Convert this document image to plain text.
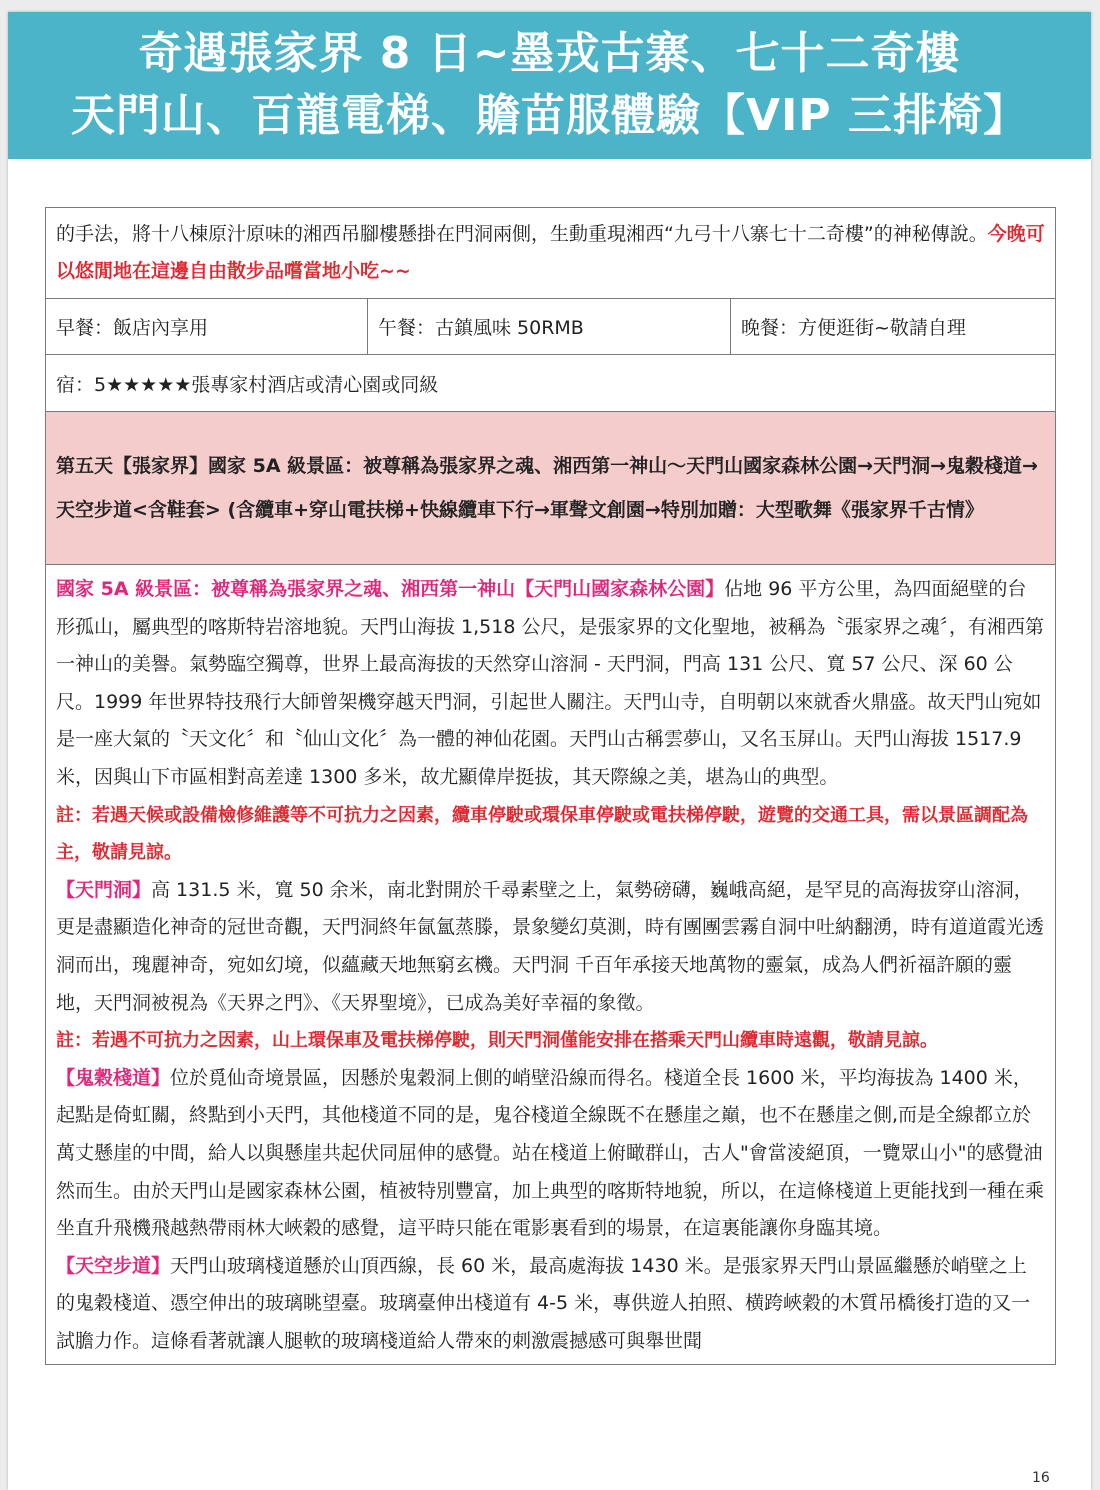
奇遇張家界 8 日~墨戎古寨、七十二奇樓
天門山、百龍電梯、贍苗服體驗【VIP 三排椅】
的手法，將十八棟原汁原味的湘西吊腳樓懸掛在門洞兩側，生動重現湘西“九弓十八寨七十二奇樓”的神秘傳說。今晚可以悠閒地在這邊自由散步品嚐當地小吃~~
早餐：飯店內享用	午餐：古鎮風味 50RMB	晚餐：方便逛街~敬請自理
宿：5★★★★★張專家村酒店或清心園或同級
第五天【張家界】國家 5A 級景區：被尊稱為張家界之魂、湘西第一神山～天門山國家森林公園→天門洞→鬼穀棧道→天空步道<含鞋套> (含纜車+穿山電扶梯+快線纜車下行→軍聲文創園→特別加贈：大型歌舞《張家界千古情》

國家 5A 級景區：被尊稱為張家界之魂、湘西第一神山【天門山國家森林公園】佔地 96 平方公里，為四面絕壁的台形孤山，屬典型的喀斯特岩溶地貌。天門山海拔 1,518 公尺，是張家界的文化聖地，被稱為〝張家界之魂〞，有湘西第一神山的美譽。氣勢臨空獨尊，世界上最高海拔的天然穿山溶洞 - 天門洞，門高 131 公尺、寬 57 公尺、深 60 公尺。1999 年世界特技飛行大師曾架機穿越天門洞，引起世人關注。天門山寺，自明朝以來就香火鼎盛。故天門山宛如是一座大氣的〝天文化〞和〝仙山文化〞為一體的神仙花園。天門山古稱雲夢山，又名玉屏山。天門山海拔 1517.9 米，因與山下市區相對高差達 1300 多米，故尤顯偉岸挺拔，其天際線之美，堪為山的典型。

註：若遇天候或設備檢修維護等不可抗力之因素，纜車停駛或環保車停駛或電扶梯停駛，遊覽的交通工具，需以景區調配為主，敬請見諒。

【天門洞】高 131.5 米，寬 50 余米，南北對開於千尋素壁之上，氣勢磅礴，巍峨高絕，是罕見的高海拔穿山溶洞，更是盡顯造化神奇的冠世奇觀，天門洞終年氤氳蒸滕，景象變幻莫測，時有團團雲霧自洞中吐納翻湧，時有道道霞光透洞而出，瑰麗神奇，宛如幻境，似蘊藏天地無窮玄機。天門洞 千百年承接天地萬物的靈氣，成為人們祈福許願的靈地，天門洞被視為《天界之門》、《天界聖境》，已成為美好幸福的象徵。

註：若遇不可抗力之因素，山上環保車及電扶梯停駛，則天門洞僅能安排在搭乘天門山纜車時遠觀，敬請見諒。

【鬼穀棧道】位於覓仙奇境景區，因懸於鬼穀洞上側的峭壁沿線而得名。棧道全長 1600 米，平均海拔為 1400 米，起點是倚虹關，終點到小天門，其他棧道不同的是，鬼谷棧道全線既不在懸崖之巔，也不在懸崖之側,而是全線都立於萬丈懸崖的中間，給人以與懸崖共起伏同屈伸的感覺。站在棧道上俯瞰群山，古人"會當淩絕頂，一覽眾山小"的感覺油然而生。由於天門山是國家森林公園，植被特別豐富，加上典型的喀斯特地貌，所以，在這條棧道上更能找到一種在乘坐直升飛機飛越熱帶雨林大峽穀的感覺，這平時只能在電影裏看到的場景，在這裏能讓你身臨其境。

【天空步道】天門山玻璃棧道懸於山頂西線，長 60 米，最高處海拔 1430 米。是張家界天門山景區繼懸於峭壁之上的鬼穀棧道、憑空伸出的玻璃眺望臺。玻璃臺伸出棧道有 4-5 米，專供遊人拍照、横跨峽穀的木質吊橋後打造的又一試膽力作。這條看著就讓人腿軟的玻璃棧道給人帶來的刺激震撼感可與舉世聞

16
